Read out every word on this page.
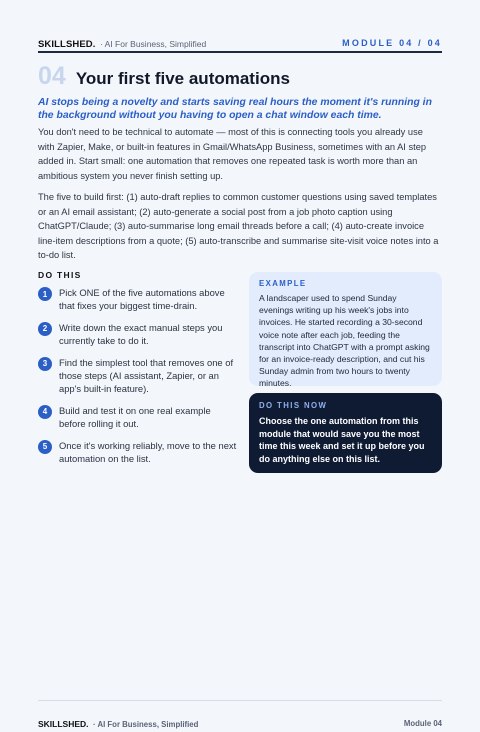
SKILLSHED. · AI For Business, Simplified	MODULE 04 / 04
04 Your first five automations

AI stops being a novelty and starts saving real hours the moment it's running in the background without you having to open a chat window each time.

You don't need to be technical to automate — most of this is connecting tools you already use with Zapier, Make, or built-in features in Gmail/WhatsApp Business, sometimes with an AI step added in. Start small: one automation that removes one repeated task is worth more than an ambitious system you never finish setting up.

The five to build first: (1) auto-draft replies to common customer questions using saved templates or an AI email assistant; (2) auto-generate a social post from a job photo caption using ChatGPT/Claude; (3) auto-summarise long email threads before a call; (4) auto-create invoice line-item descriptions from a quote; (5) auto-transcribe and summarise site-visit voice notes into a to-do list.

DO THIS
1	Pick ONE of the five automations above that fixes your biggest time-drain.
2	Write down the exact manual steps you currently take to do it.
3	Find the simplest tool that removes one of those steps (AI assistant, Zapier, or an app's built-in feature).
4	Build and test it on one real example before rolling it out.
5	Once it's working reliably, move to the next automation on the list.
EXAMPLE

A landscaper used to spend Sunday evenings writing up his week's jobs into invoices. He started recording a 30-second voice note after each job, feeding the transcript into ChatGPT with a prompt asking for an invoice-ready description, and cut his Sunday admin from two hours to twenty minutes.

DO THIS NOW

Choose the one automation from this module that would save you the most time this week and set it up before you do anything else on this list.

SKILLSHED. · AI For Business, Simplified	Module 04
